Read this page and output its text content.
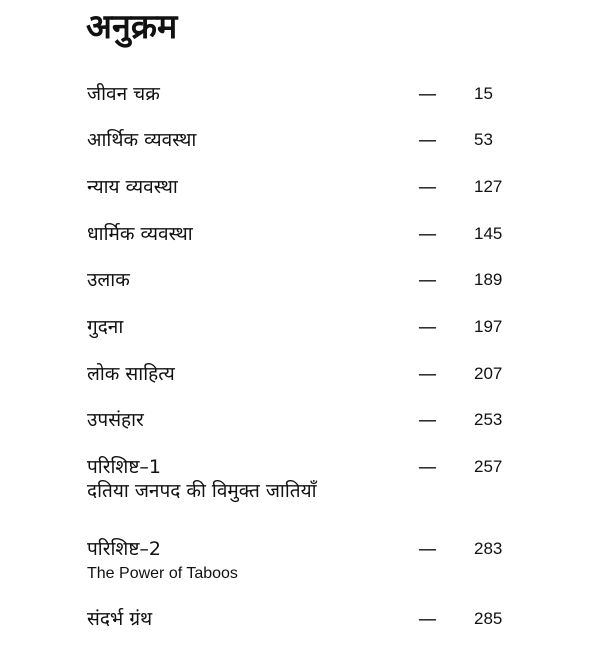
अनुक्रम
जीवन चक्र	— 15
आर्थिक व्यवस्था	— 53
न्याय व्यवस्था	— 127
धार्मिक व्यवस्था	— 145
उलाक	— 189
गुदना	— 197
लोक साहित्य	— 207
उपसंहार	— 253
परिशिष्ट–1	— 257
दतिया जनपद की विमुक्त जातियाँ
परिशिष्ट–2	— 283
The Power of Taboos
संदर्भ ग्रंथ	— 285
